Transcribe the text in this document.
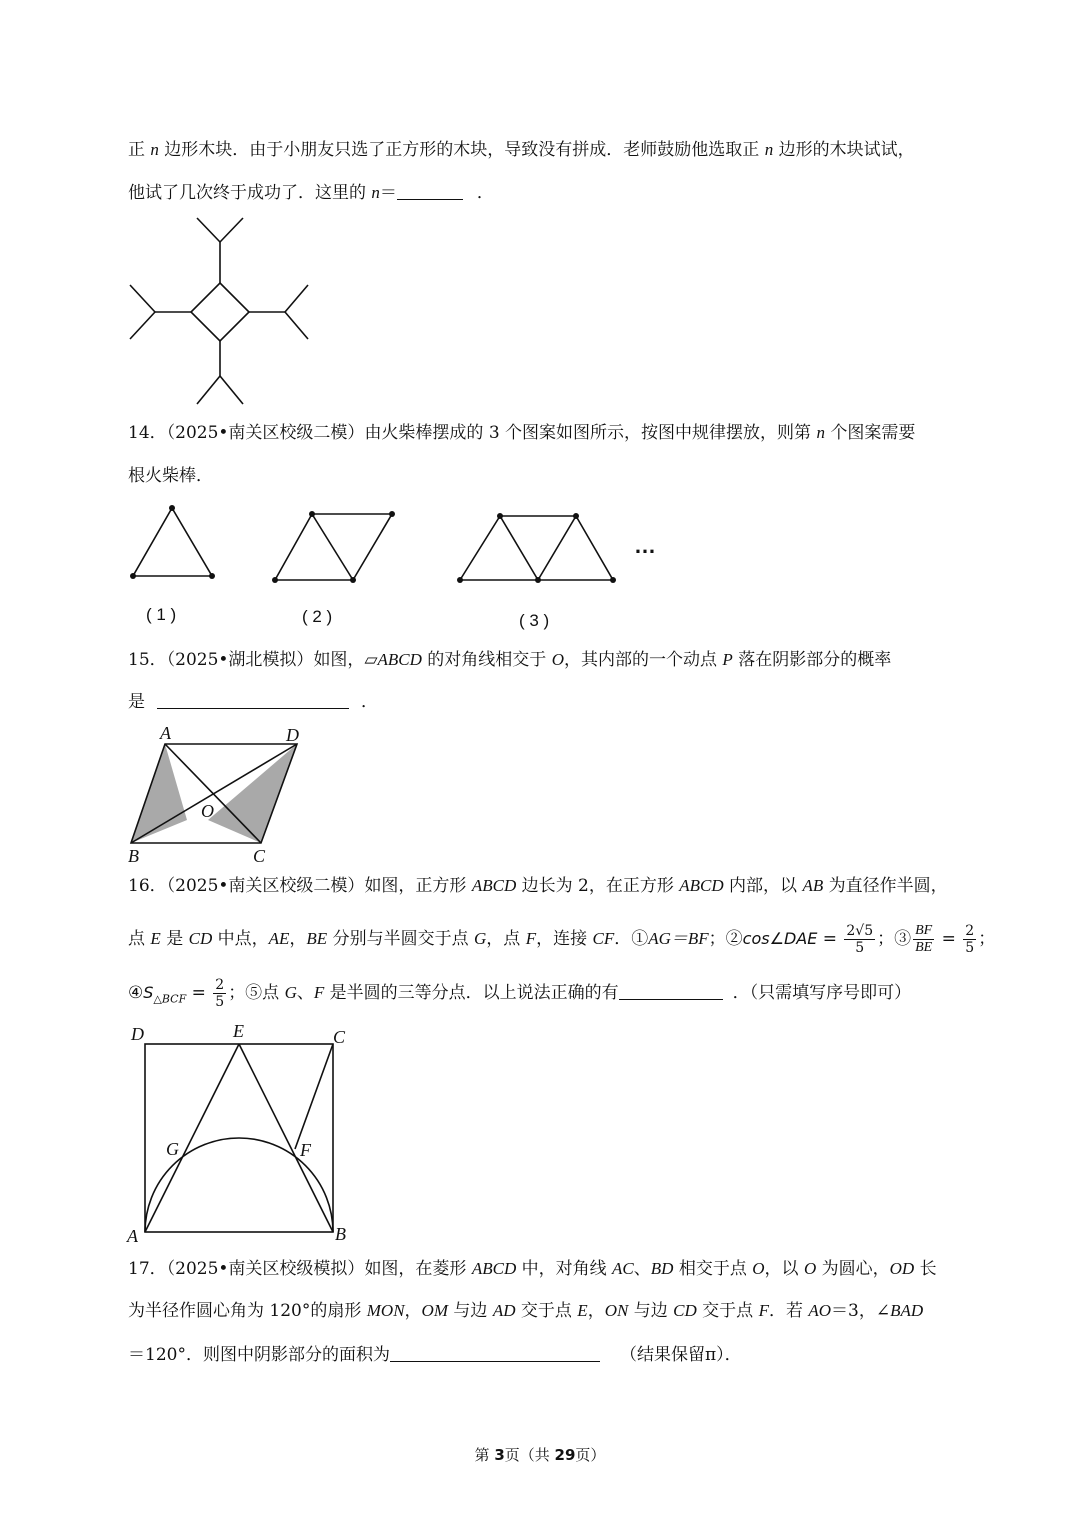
正 n 边形木块．由于小朋友只选了正方形的木块，导致没有拼成．老师鼓励他选取正 n 边形的木块试试，
他试了几次终于成功了．这里的 n＝	．
14．（2025•南关区校级二模）由火柴棒摆成的 3 个图案如图所示，按图中规律摆放，则第 n 个图案需要
根火柴棒．
…
( 1 )	( 2 )	( 3 )
15．（2025•湖北模拟）如图，▱ABCD 的对角线相交于 O，其内部的一个动点 P 落在阴影部分的概率
是	．
A	D
O
B	C
16．（2025•南关区校级二模）如图，正方形 ABCD 边长为 2，在正方形 ABCD 内部，以 AB 为直径作半圆，
点 E 是 CD 中点，AE，BE 分别与半圆交于点 G，点 F，连接 CF．①AG＝BF；②cos∠DAE = $\frac{2√5}{5}$ ；③ $\frac{BF}{BE} = \frac{2}{5}$ ；
$④S_{\triangle BCF} = \frac{2}{5}$ ；⑤点 G、F 是半圆的三等分点．以上说法正确的有	．（只需填写序号即可）
D	E	C
G	F
A	B
17．（2025•南关区校级模拟）如图，在菱形 ABCD 中，对角线 AC、BD 相交于点 O，以 O 为圆心，OD 长
为半径作圆心角为 120°的扇形 MON，OM 与边 AD 交于点 E，ON 与边 CD 交于点 F．若 AO＝3，∠BAD
＝120°．则图中阴影部分的面积为	（结果保留π）．
第 3页（共 29页）
